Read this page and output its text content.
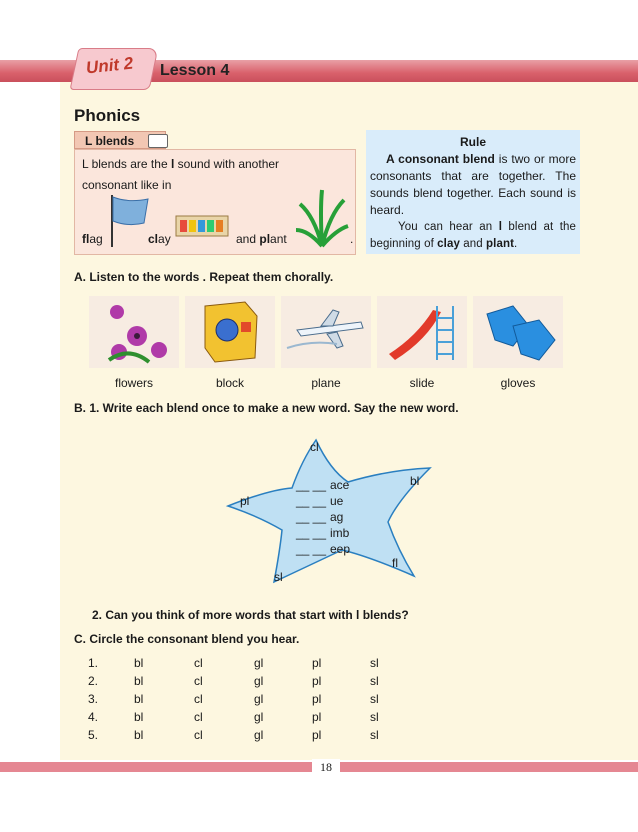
Unit 2 Lesson 4
Phonics
L blends
L blends are the l sound with another
consonant like in
flag	clay	and plant	.
Rule
A consonant blend is two or more consonants that are together. The sounds blend together. Each sound is heard.
You can hear an l blend at the beginning of clay and plant.
A. Listen to the words . Repeat them chorally.
flowers	block	plane	slide	gloves
B. 1. Write each blend once to make a new word. Say the new word.
cl
bl
fl
sl
pl
__ __ ace
__ __ ue
__ __ ag
__ __ imb
__ __ eep
2. Can you think of more words that start with l blends?
C. Circle the consonant blend you hear.
1.	bl	cl	gl	pl	sl
2.	bl	cl	gl	pl	sl
3.	bl	cl	gl	pl	sl
4.	bl	cl	gl	pl	sl
5.	bl	cl	gl	pl	sl
18
